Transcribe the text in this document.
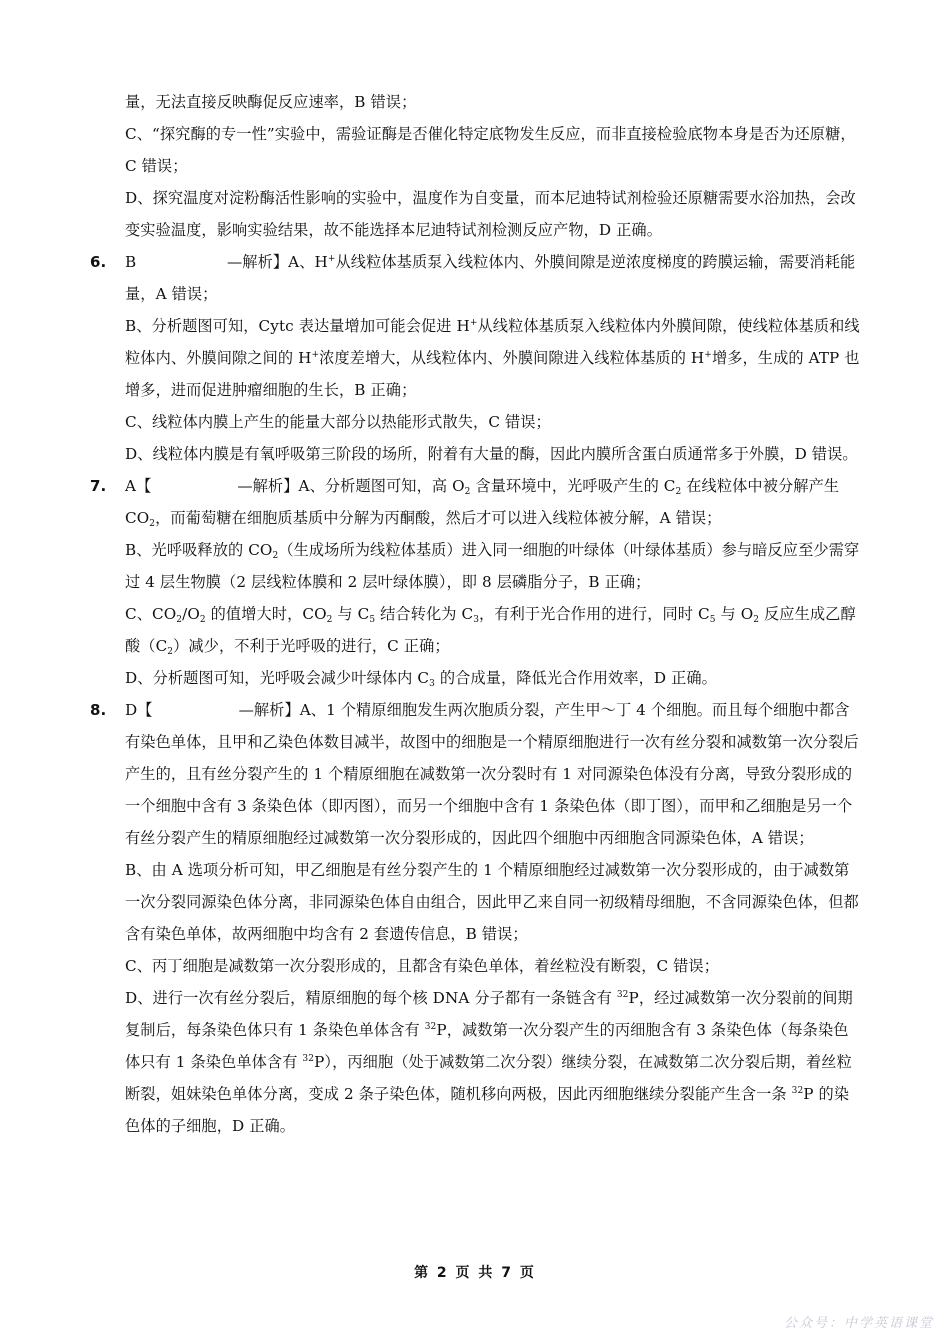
量，无法直接反映酶促反应速率，B 错误；

C、“探究酶的专一性”实验中，需验证酶是否催化特定底物发生反应，而非直接检验底物本身是否为还原糖，C 错误；

D、探究温度对淀粉酶活性影响的实验中，温度作为自变量，而本尼迪特试剂检验还原糖需要水浴加热，会改变实验温度，影响实验结果，故不能选择本尼迪特试剂检测反应产物，D 正确。

6. B	—解析】A、H+从线粒体基质泵入线粒体内、外膜间隙是逆浓度梯度的跨膜运输，需要消耗能量，A 错误；

B、分析题图可知，Cytc 表达量增加可能会促进 H+从线粒体基质泵入线粒体内外膜间隙，使线粒体基质和线粒体内、外膜间隙之间的 H+浓度差增大，从线粒体内、外膜间隙进入线粒体基质的 H+增多，生成的 ATP 也增多，进而促进肿瘤细胞的生长，B 正确；

C、线粒体内膜上产生的能量大部分以热能形式散失，C 错误；

D、线粒体内膜是有氧呼吸第三阶段的场所，附着有大量的酶，因此内膜所含蛋白质通常多于外膜，D 错误。

7. A【	—解析】A、分析题图可知，高 $O_2$ 含量环境中，光呼吸产生的 $C_2$ 在线粒体中被分解产生 $CO_2$，而葡萄糖在细胞质基质中分解为丙酮酸，然后才可以进入线粒体被分解，A 错误；

B、光呼吸释放的 $CO_2$（生成场所为线粒体基质）进入同一细胞的叶绿体（叶绿体基质）参与暗反应至少需穿过 4 层生物膜（2 层线粒体膜和 2 层叶绿体膜），即 8 层磷脂分子，B 正确；

C、$CO_2/O_2$ 的值增大时，$CO_2$ 与 $C_5$ 结合转化为 $C_3$，有利于光合作用的进行，同时 $C_5$ 与 $O_2$ 反应生成乙醇酸$(C_2)$减少，不利于光呼吸的进行，C 正确；

D、分析题图可知，光呼吸会减少叶绿体内 $C_3$ 的合成量，降低光合作用效率，D 正确。

8. D【	—解析】A、1 个精原细胞发生两次胞质分裂，产生甲～丁 4 个细胞。而且每个细胞中都含有染色单体，且甲和乙染色体数目减半，故图中的细胞是一个精原细胞进行一次有丝分裂和减数第一次分裂后产生的，且有丝分裂产生的 1 个精原细胞在减数第一次分裂时有 1 对同源染色体没有分离，导致分裂形成的一个细胞中含有 3 条染色体（即丙图），而另一个细胞中含有 1 条染色体（即丁图），而甲和乙细胞是另一个有丝分裂产生的精原细胞经过减数第一次分裂形成的，因此四个细胞中丙细胞含同源染色体，A 错误；

B、由 A 选项分析可知，甲乙细胞是有丝分裂产生的 1 个精原细胞经过减数第一次分裂形成的，由于减数第一次分裂同源染色体分离，非同源染色体自由组合，因此甲乙来自同一初级精母细胞，不含同源染色体，但都含有染色单体，故两细胞中均含有 2 套遗传信息，B 错误；

C、丙丁细胞是减数第一次分裂形成的，且都含有染色单体，着丝粒没有断裂，C 错误；

D、进行一次有丝分裂后，精原细胞的每个核 DNA 分子都有一条链含有 $^{32}$P，经过减数第一次分裂前的间期复制后，每条染色体只有 1 条染色单体含有 $^{32}$P，减数第一次分裂产生的丙细胞含有 3 条染色体（每条染色体只有 1 条染色单体含有 $^{32}$P），丙细胞（处于减数第二次分裂）继续分裂，在减数第二次分裂后期，着丝粒断裂，姐妹染色单体分离，变成 2 条子染色体，随机移向两极，因此丙细胞继续分裂能产生含一条 $^{32}$P 的染色体的子细胞，D 正确。

第 2 页 共 7 页
公众号：中学英语课堂
